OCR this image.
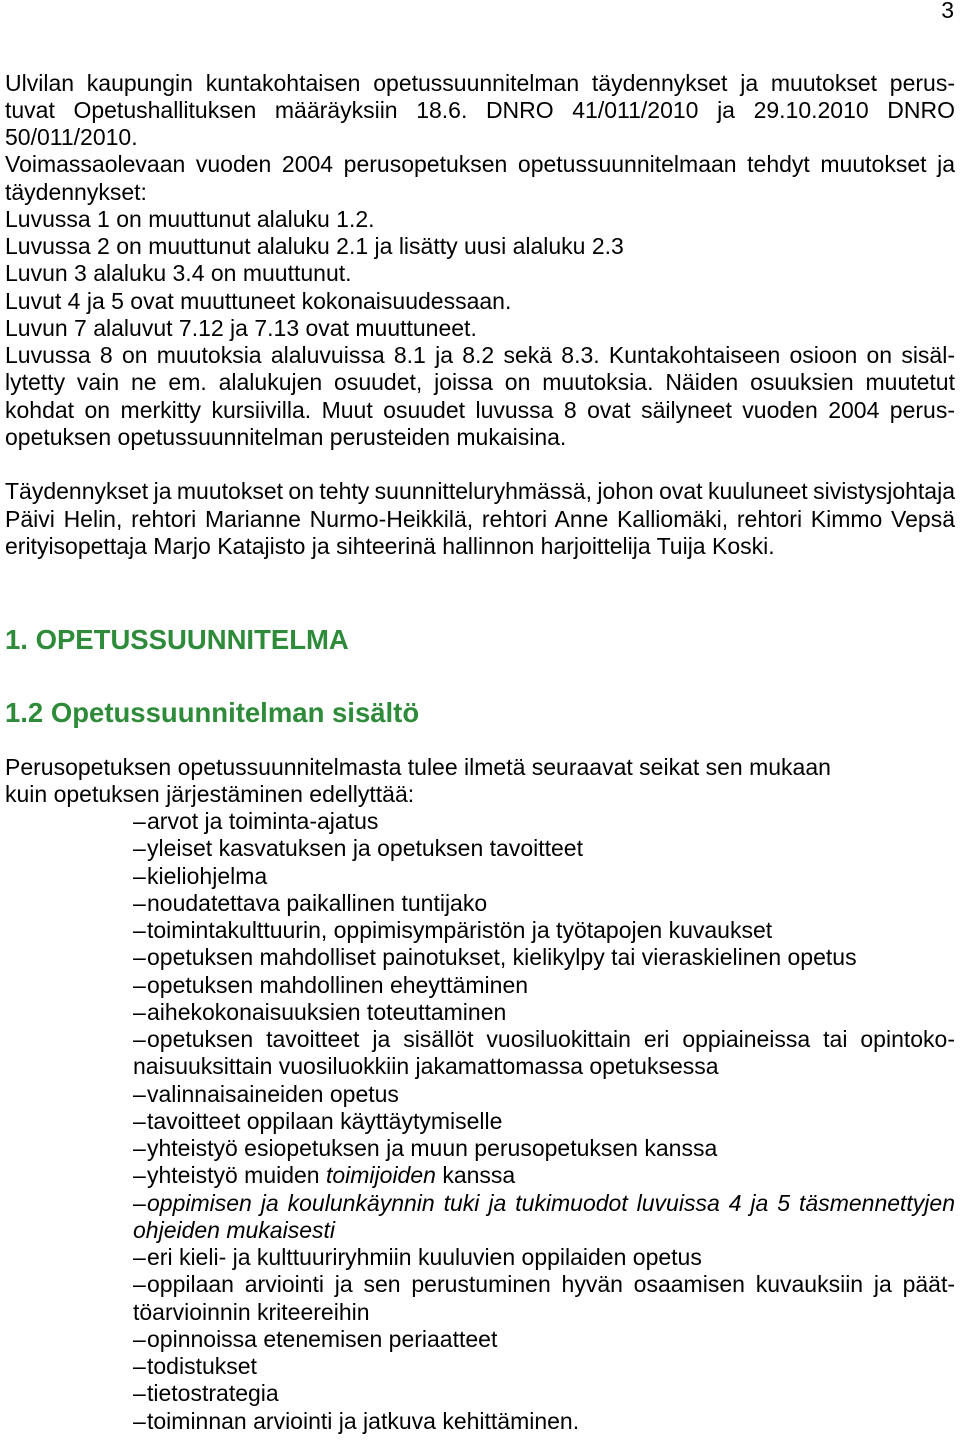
3
Ulvilan kaupungin kuntakohtaisen opetussuunnitelman täydennykset ja muutokset perus-
tuvat Opetushallituksen määräyksiin 18.6. DNRO 41/011/2010 ja 29.10.2010 DNRO
50/011/2010.
Voimassaolevaan vuoden 2004 perusopetuksen opetussuunnitelmaan tehdyt muutokset ja
täydennykset:
Luvussa 1 on muuttunut alaluku 1.2.
Luvussa 2 on muuttunut alaluku 2.1 ja lisätty uusi alaluku 2.3
Luvun 3 alaluku 3.4 on muuttunut.
Luvut 4 ja 5 ovat muuttuneet kokonaisuudessaan.
Luvun 7 alaluvut 7.12 ja 7.13 ovat muuttuneet.
Luvussa 8 on muutoksia alaluvuissa 8.1 ja 8.2 sekä 8.3. Kuntakohtaiseen osioon on sisäl-
lytetty vain ne em. alalukujen osuudet, joissa on muutoksia. Näiden osuuksien muutetut
kohdat on merkitty kursiivilla. Muut osuudet luvussa 8 ovat säilyneet vuoden 2004 perus-
opetuksen opetussuunnitelman perusteiden mukaisina.
Täydennykset ja muutokset on tehty suunnitteluryhmässä, johon ovat kuuluneet sivistysjohtaja
Päivi Helin, rehtori Marianne Nurmo-Heikkilä, rehtori Anne Kalliomäki, rehtori Kimmo Vepsä
erityisopettaja Marjo Katajisto ja sihteerinä hallinnon harjoittelija Tuija Koski.
1. OPETUSSUUNNITELMA
1.2 Opetussuunnitelman sisältö
Perusopetuksen opetussuunnitelmasta tulee ilmetä seuraavat seikat sen mukaan
kuin opetuksen järjestäminen edellyttää:
– arvot ja toiminta-ajatus
– yleiset kasvatuksen ja opetuksen tavoitteet
– kieliohjelma
– noudatettava paikallinen tuntijako
– toimintakulttuurin, oppimisympäristön ja työtapojen kuvaukset
– opetuksen mahdolliset painotukset, kielikylpy tai vieraskielinen opetus
– opetuksen mahdollinen eheyttäminen
– aihekokonaisuuksien toteuttaminen
– opetuksen tavoitteet ja sisällöt vuosiluokittain eri oppiaineissa tai opintoko-
naisuuksittain vuosiluokkiin jakamattomassa opetuksessa
– valinnaisaineiden opetus
– tavoitteet oppilaan käyttäytymiselle
– yhteistyö esiopetuksen ja muun perusopetuksen kanssa
– yhteistyö muiden toimijoiden kanssa
– oppimisen ja koulunkäynnin tuki ja tukimuodot luvuissa 4 ja 5 täsmennettyjen
ohjeiden mukaisesti
– eri kieli- ja kulttuuriryhmiin kuuluvien oppilaiden opetus
– oppilaan arviointi ja sen perustuminen hyvän osaamisen kuvauksiin ja päät-
töarvioinnin kriteereihin
– opinnoissa etenemisen periaatteet
– todistukset
– tietostrategia
– toiminnan arviointi ja jatkuva kehittäminen.
